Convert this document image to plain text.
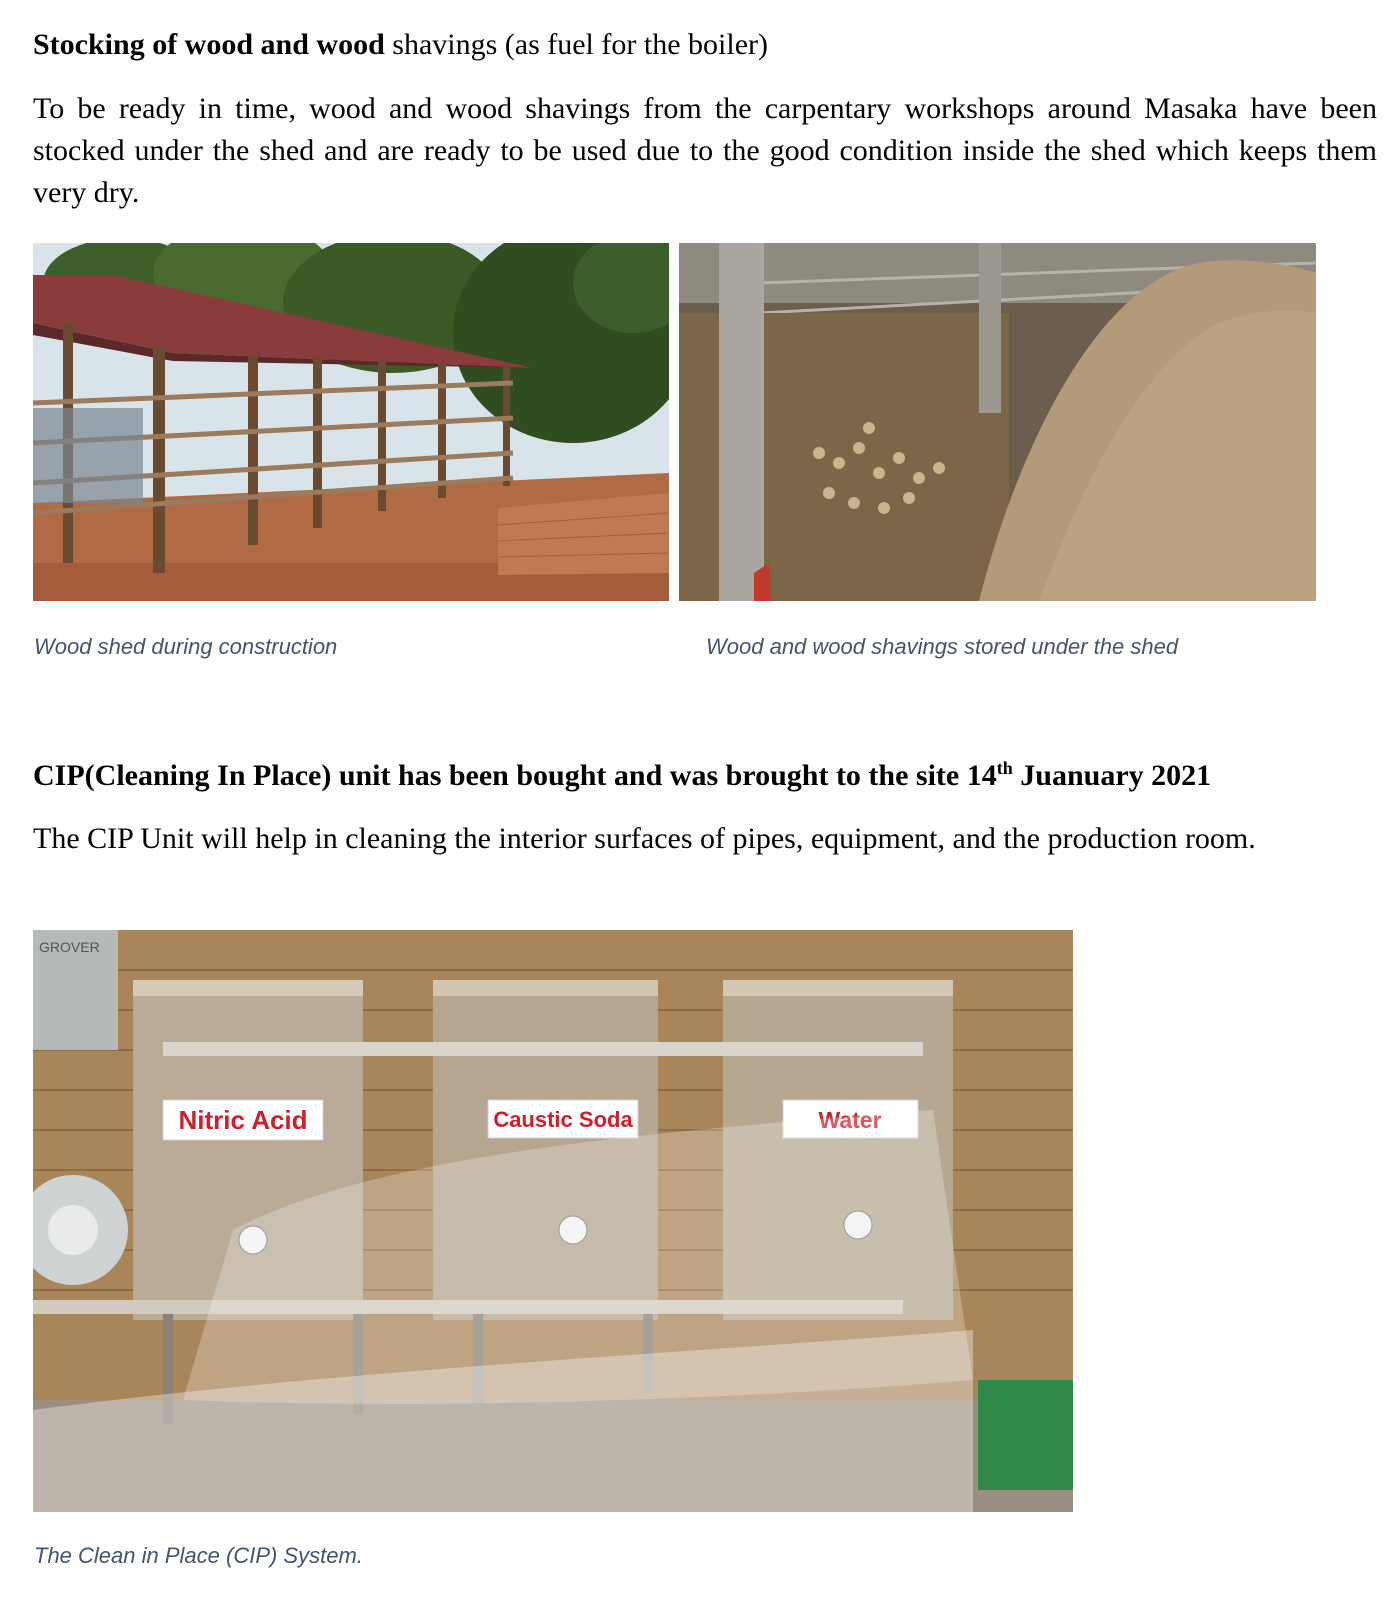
Stocking of wood and wood shavings (as fuel for the boiler)
To be ready in time, wood and wood shavings from the carpentary workshops around Masaka have been stocked under the shed and are ready to be used due to the good condition inside the shed which keeps them very dry.
Wood shed during construction	Wood and wood shavings stored under the shed
CIP(Cleaning In Place) unit has been bought and was brought to the site 14th Juanuary 2021
The CIP Unit will help in cleaning the interior surfaces of pipes, equipment, and the production room.
GROVER
Nitric Acid	Caustic Soda	Water
The Clean in Place (CIP) System.
